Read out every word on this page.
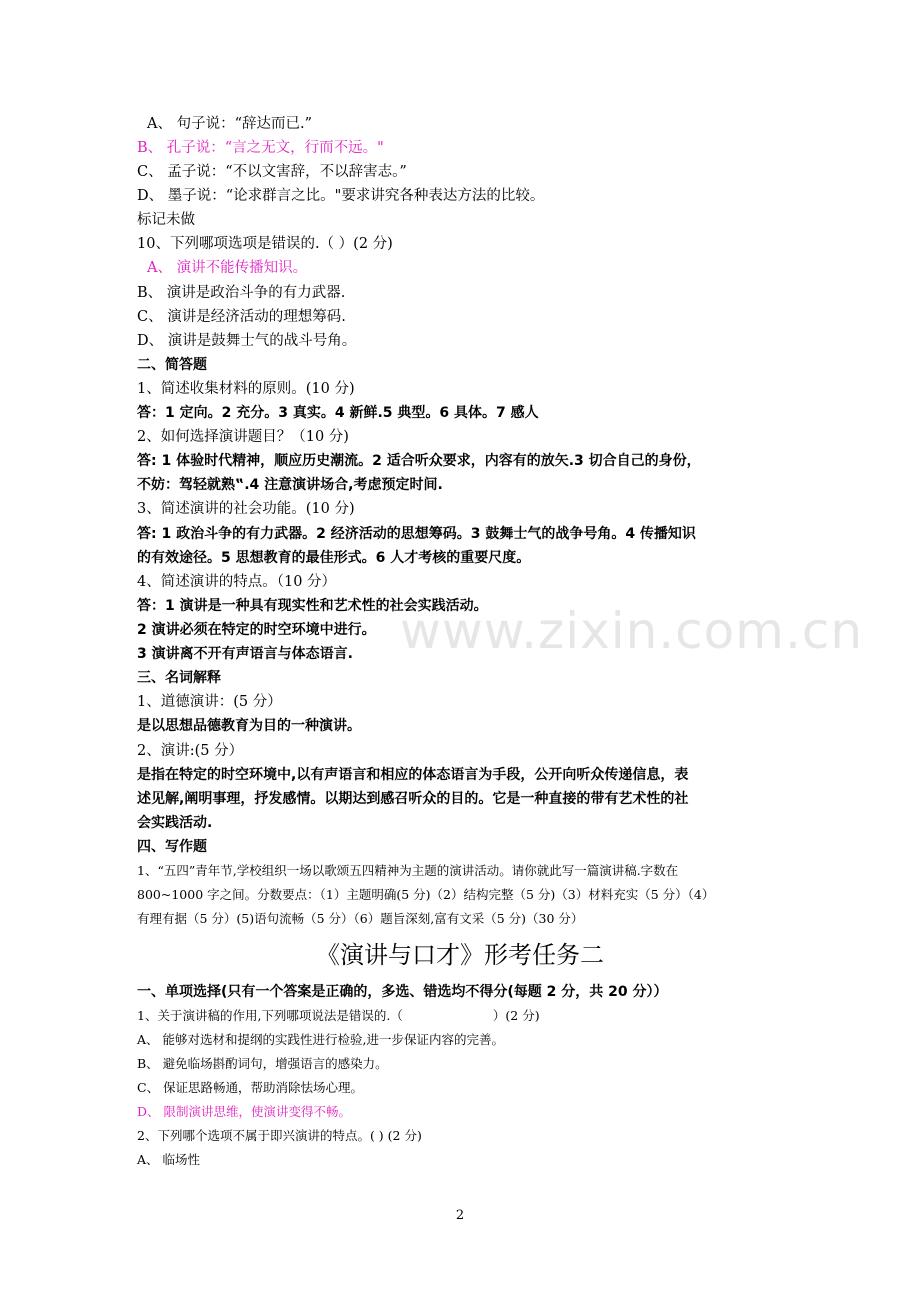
www.zixin.com.cn
A、 句子说：“辞达而已.”
B、 孔子说：“言之无文，行而不远。"
C、 孟子说：“不以文害辞，不以辞害志。”
D、 墨子说：“论求群言之比。"要求讲究各种表达方法的比较。
标记未做
10、下列哪项选项是错误的.（ ）(2 分)
A、 演讲不能传播知识。
B、 演讲是政治斗争的有力武器.
C、 演讲是经济活动的理想筹码.
D、 演讲是鼓舞士气的战斗号角。
二、简答题
1、简述收集材料的原则。(10 分)
答：1 定向。2 充分。3 真实。4 新鲜.5 典型。6 具体。7 感人
2、如何选择演讲题目？（10 分)
答: 1 体验时代精神，顺应历史潮流。2 适合听众要求，内容有的放矢.3 切合自己的身份，
不妨：驾轻就熟‟.4 注意演讲场合,考虑预定时间.
3、简述演讲的社会功能。(10 分)
答: 1 政治斗争的有力武器。2 经济活动的思想筹码。3 鼓舞士气的战争号角。4 传播知识
的有效途径。5 思想教育的最佳形式。6 人才考核的重要尺度。
4、简述演讲的特点。（10 分）
答：1 演讲是一种具有现实性和艺术性的社会实践活动。
2 演讲必须在特定的时空环境中进行。
3 演讲离不开有声语言与体态语言.
三、名词解释
1、道德演讲：(5 分）
是以思想品德教育为目的一种演讲。
2、演讲:(5 分）
是指在特定的时空环境中,以有声语言和相应的体态语言为手段，公开向听众传递信息，表
述见解,阐明事理，抒发感情。以期达到感召听众的目的。它是一种直接的带有艺术性的社
会实践活动.
四、写作题
1、“五四”青年节,学校组织一场以歌颂五四精神为主题的演讲活动。请你就此写一篇演讲稿.字数在
800~1000 字之间。分数要点：（1）主题明确(5 分)（2）结构完整（5 分)（3）材料充实（5 分）（4）
有理有据（5 分）(5)语句流畅（5 分）（6）题旨深刻,富有文采（5 分)（30 分）
《演讲与口才》形考任务二
一、单项选择(只有一个答案是正确的，多选、错选均不得分(每题 2 分，共 20 分））
1、关于演讲稿的作用,下列哪项说法是错误的.（	）(2 分)
A、 能够对选材和提纲的实践性进行检验,进一步保证内容的完善。
B、 避免临场斟酌词句，增强语言的感染力。
C、 保证思路畅通，帮助消除怯场心理。
D、 限制演讲思维，使演讲变得不畅。
2、下列哪个选项不属于即兴演讲的特点。( ) (2 分)
A、 临场性
2
